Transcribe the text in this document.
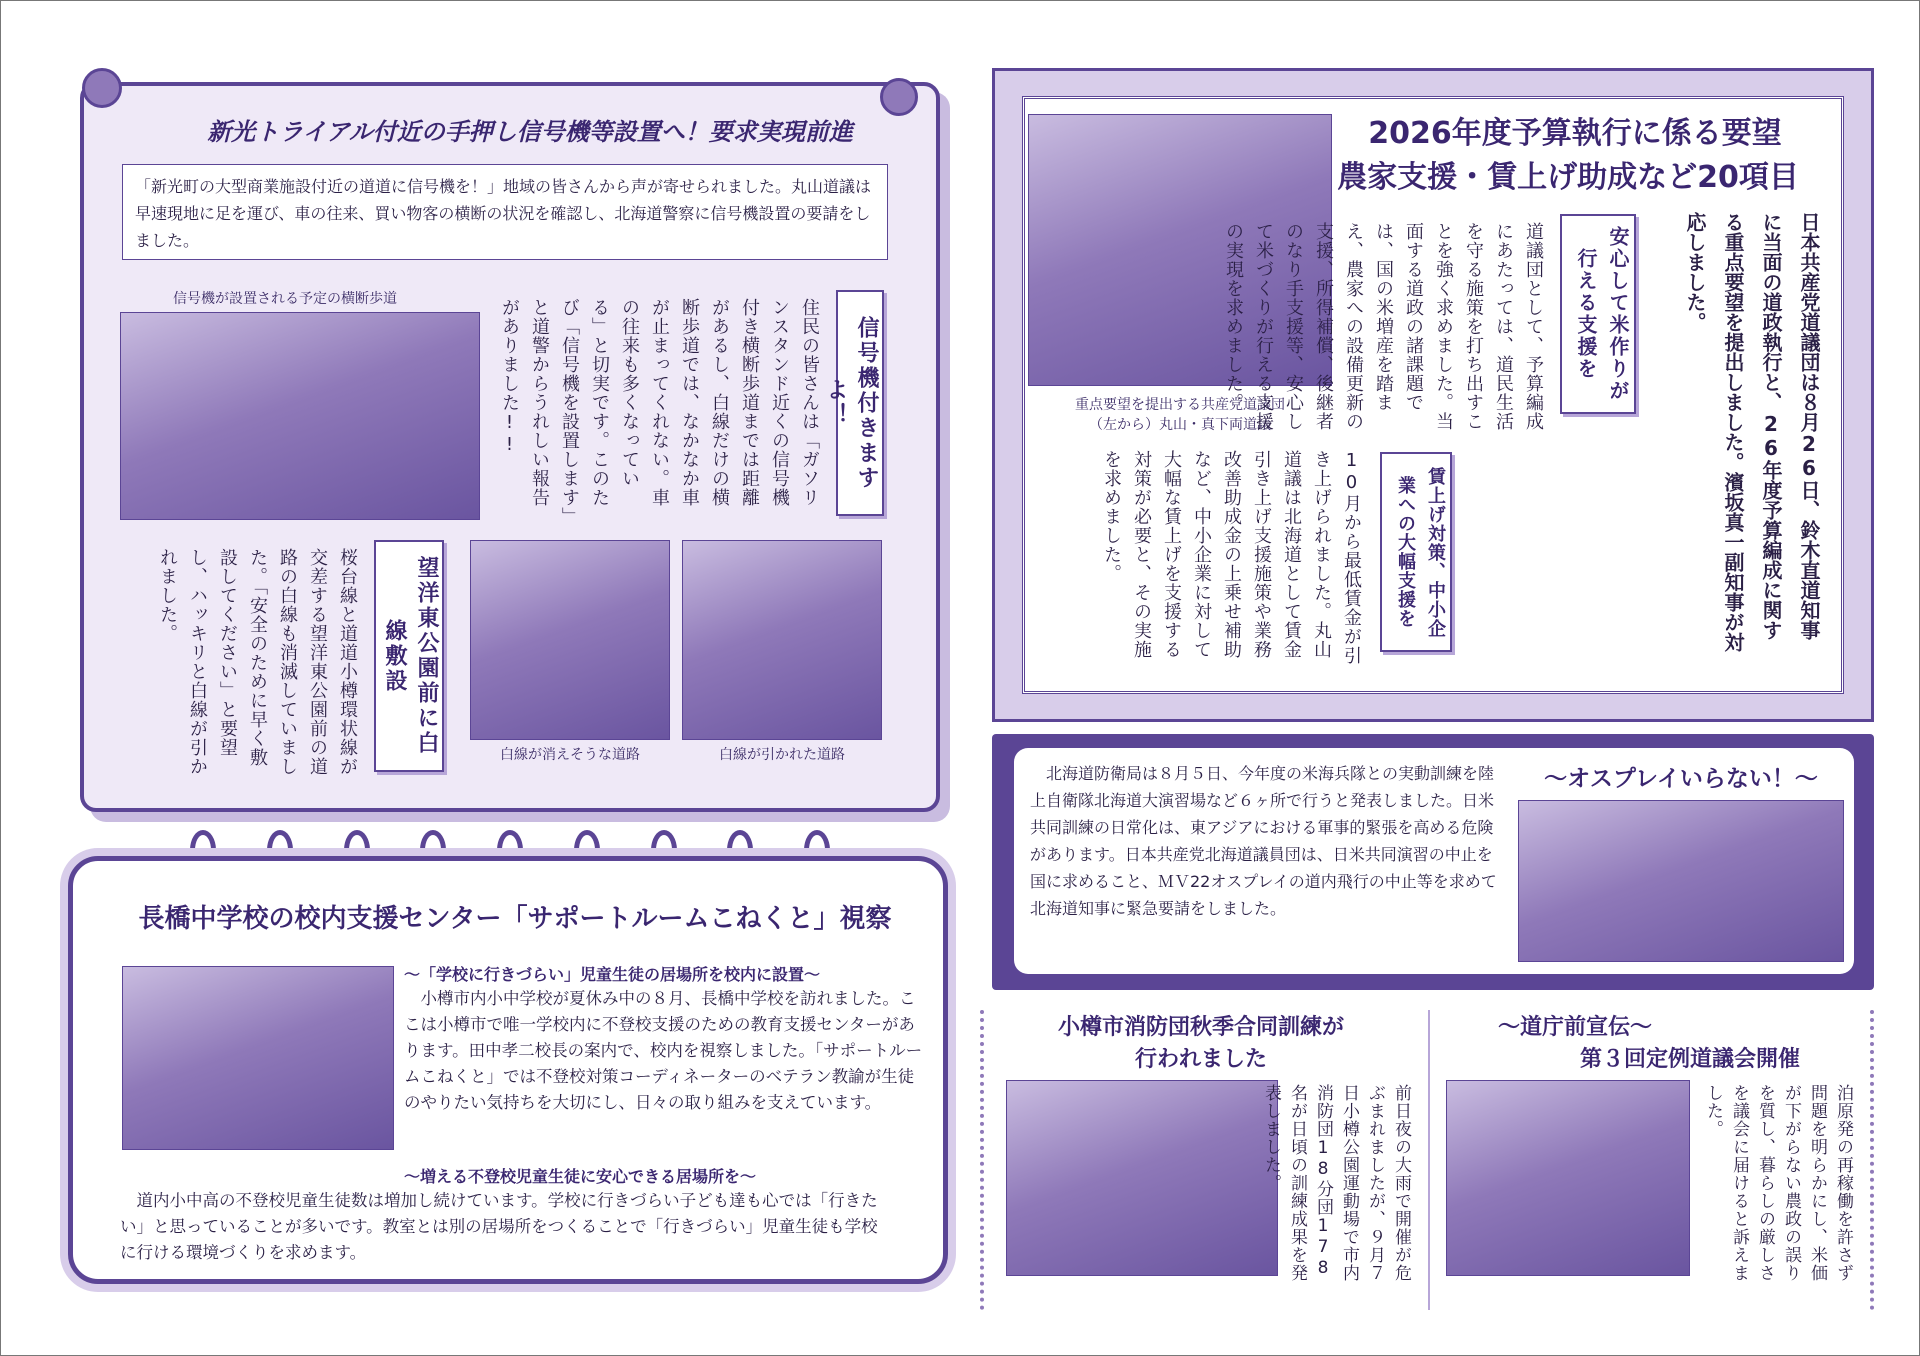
新光トライアル付近の手押し信号機等設置へ！要求実現前進
「新光町の大型商業施設付近の道道に信号機を！」地域の皆さんから声が寄せられました。丸山道議は早速現地に足を運び、車の往来、買い物客の横断の状況を確認し、北海道警察に信号機設置の要請をしました。
信号機が設置される予定の横断歩道
信号機付きますよ！
住民の皆さんは「ガソリンスタンド近くの信号機付き横断歩道までは距離があるし、白線だけの横断歩道では、なかなか車が止まってくれない。車の往来も多くなってい る」と切実です。このたび「信号機を設置します」と道警からうれしい報告がありました!!
望洋東公園前に白線敷設
桜台線と道道小樽環状線が交差する望洋東公園前の道路の白線も消滅していました。「安全のために早く敷設してください」と要望し、ハッキリと白線が引かれました。
白線が消えそうな道路	白線が引かれた道路
長橋中学校の校内支援センター「サポートルームこねくと」視察
～「学校に行きづらい」児童生徒の居場所を校内に設置～
小樽市内小中学校が夏休み中の８月、長橋中学校を訪れました。ここは小樽市で唯一学校内に不登校支援のための教育支援センターがあります。田中孝二校長の案内で、校内を視察しました。「サポートルームこねくと」では不登校対策コーディネーターのベテラン教諭が生徒のやりたい気持ちを大切にし、日々の取り組みを支えています。
～増える不登校児童生徒に安心できる居場所を～
道内小中高の不登校児童生徒数は増加し続けています。学校に行きづらい子ども達も心では「行きたい」と思っていることが多いです。教室とは別の居場所をつくることで「行きづらい」児童生徒も学校に行ける環境づくりを求めます。
重点要望を提出する共産党道議団
（左から）丸山・真下両道議
2026年度予算執行に係る要望
農家支援・賃上げ助成など20項目
日本共産党道議団は８月26日、鈴木直道知事に当面の道政執行と、26年度予算編成に関する重点要望を提出しました。濱坂真一副知事が対応しました。
安心して米作りが行える支援を
道議団として、予算編成にあたっては、道民生活を守る施策を打ち出すことを強く求めました。当面する道政の諸課題では、国の米増産を踏まえ、農家への設備更新の支援、所得補償、後継者のなり手支援等、安心して米づくりが行える支援の実現を求めました。
賃上げ対策、中小企業への大幅支援を
10月から最低賃金が引き上げられました。丸山道議は北海道として賃金引き上げ支援施策や業務改善助成金の上乗せ補助など、中小企業に対して大幅な賃上げを支援する対策が必要と、その実施を求めました。
～オスプレイいらない！～
北海道防衛局は８月５日、今年度の米海兵隊との実動訓練を陸上自衛隊北海道大演習場など６ヶ所で行うと発表しました。日米共同訓練の日常化は、東アジアにおける軍事的緊張を高める危険があります。日本共産党北海道議員団は、日米共同演習の中止を国に求めること、ＭＶ22オスプレイの道内飛行の中止等を求めて北海道知事に緊急要請をしました。
小樽市消防団秋季合同訓練が
行われました
前日夜の大雨で開催が危ぶまれましたが、９月７日小樽公園運動場で市内消防団18分団178名が日頃の訓練成果を発表しました。
～道庁前宣伝～
第３回定例道議会開催
泊原発の再稼働を許さず問題を明らかにし、米価が下がらない農政の誤りを質し、暮らしの厳しさを議会に届けると訴えました。
